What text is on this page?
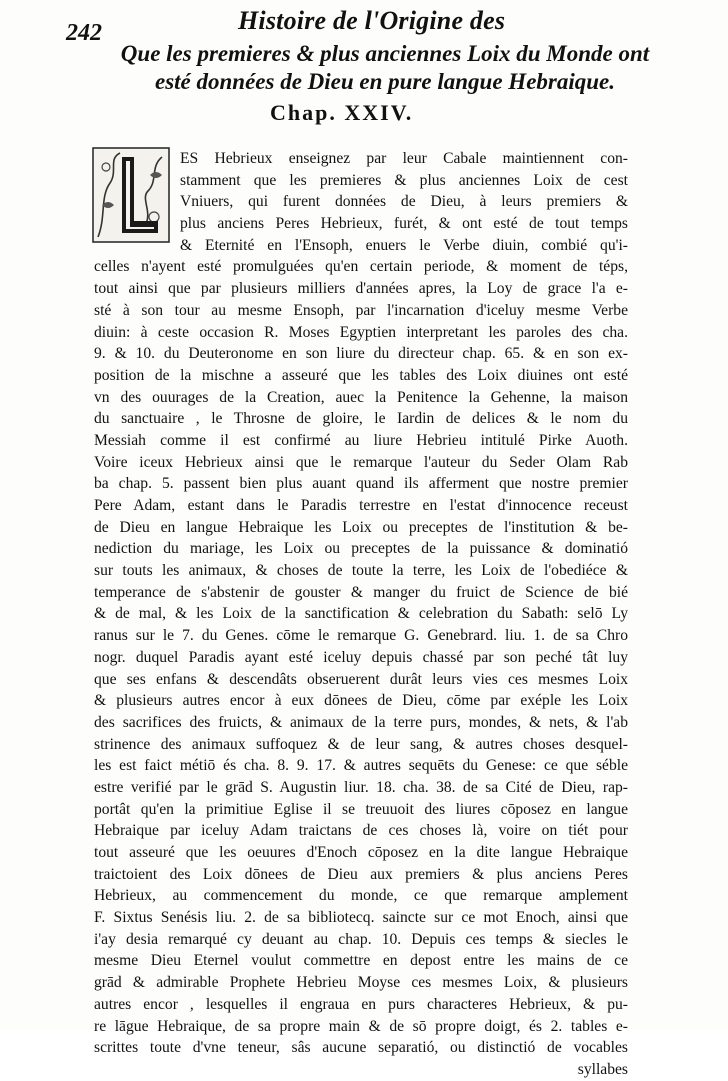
242	Histoire de l'Origine des
Que les premieres & plus anciennes Loix du Monde ont
esté données de Dieu en pure langue Hebraique.
Chap. XXIV.
ES Hebrieux enseignez par leur Cabale maintiennent con-
stamment que les premieres & plus anciennes Loix de cest
Vniuers, qui furent données de Dieu, à leurs premiers &
plus anciens Peres Hebrieux, furét, & ont esté de tout temps
& Eternité en l'Ensoph, enuers le Verbe diuin, combié qu'i-
celles n'ayent esté promulguées qu'en certain periode, & moment de téps,
tout ainsi que par plusieurs milliers d'années apres, la Loy de grace l'a e-
sté à son tour au mesme Ensoph, par l'incarnation d'iceluy mesme Verbe
diuin: à ceste occasion R. Moses Egyptien interpretant les paroles des cha.
9. & 10. du Deuteronome en son liure du directeur chap. 65. & en son ex-
position de la mischne a asseuré que les tables des Loix diuines ont esté
vn des ouurages de la Creation, auec la Penitence la Gehenne, la maison
du sanctuaire , le Throsne de gloire, le Iardin de delices & le nom du
Messiah comme il est confirmé au liure Hebrieu intitulé Pirke Auoth.
Voire iceux Hebrieux ainsi que le remarque l'auteur du Seder Olam Rab
ba chap. 5. passent bien plus auant quand ils afferment que nostre premier
Pere Adam, estant dans le Paradis terrestre en l'estat d'innocence receust
de Dieu en langue Hebraique les Loix ou preceptes de l'institution & be-
nediction du mariage, les Loix ou preceptes de la puissance & dominatió
sur touts les animaux, & choses de toute la terre, les Loix de l'obediéce &
temperance de s'abstenir de gouster & manger du fruict de Science de bié
& de mal, & les Loix de la sanctification & celebration du Sabath: selō Ly
ranus sur le 7. du Genes. cōme le remarque G. Genebrard. liu. 1. de sa Chro
nogr. duquel Paradis ayant esté iceluy depuis chassé par son peché tât luy
que ses enfans & descendâts obseruerent durât leurs vies ces mesmes Loix
& plusieurs autres encor à eux dōnees de Dieu, cōme par exéple les Loix
des sacrifices des fruicts, & animaux de la terre purs, mondes, & nets, & l'ab
strinence des animaux suffoquez & de leur sang, & autres choses desquel-
les est faict métiō és cha. 8. 9. 17. & autres sequēts du Genese: ce que séble
estre verifié par le grād S. Augustin liur. 18. cha. 38. de sa Cité de Dieu, rap-
portât qu'en la primitiue Eglise il se treuuoit des liures cōposez en langue
Hebraique par iceluy Adam traictans de ces choses là, voire on tiét pour
tout asseuré que les oeuures d'Enoch cōposez en la dite langue Hebraique
traictoient des Loix dōnees de Dieu aux premiers & plus anciens Peres
Hebrieux, au commencement du monde, ce que remarque amplement
F. Sixtus Senésis liu. 2. de sa bibliotecq. saincte sur ce mot Enoch, ainsi que
i'ay desia remarqué cy deuant au chap. 10. Depuis ces temps & siecles le
mesme Dieu Eternel voulut commettre en depost entre les mains de ce
grād & admirable Prophete Hebrieu Moyse ces mesmes Loix, & plusieurs
autres encor , lesquelles il engraua en purs characteres Hebrieux, & pu-
re lāgue Hebraique, de sa propre main & de sō propre doigt, és 2. tables e-
scrittes toute d'vne teneur, sâs aucune separatió, ou distinctió de vocables
syllabes
